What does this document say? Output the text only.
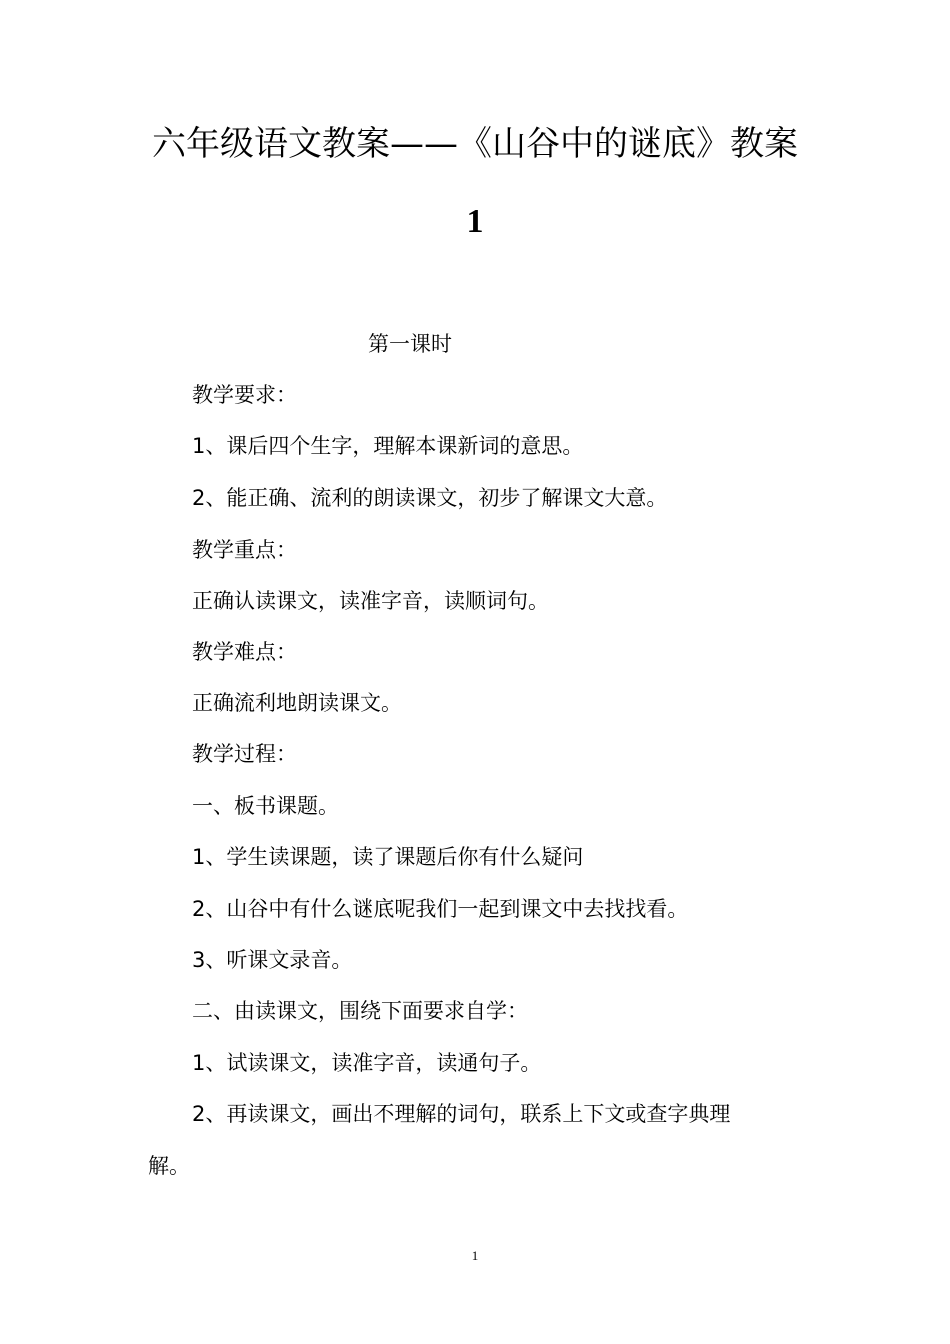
六年级语文教案——《山谷中的谜底》教案
1
第一课时
教学要求：
1、课后四个生字，理解本课新词的意思。
2、能正确、流利的朗读课文，初步了解课文大意。
教学重点：
正确认读课文，读准字音，读顺词句。
教学难点：
正确流利地朗读课文。
教学过程：
一、板书课题。
1、学生读课题，读了课题后你有什么疑问
2、山谷中有什么谜底呢我们一起到课文中去找找看。
3、听课文录音。
二、由读课文，围绕下面要求自学：
1、试读课文，读准字音，读通句子。
2、再读课文，画出不理解的词句，联系上下文或查字典理
解。
1
